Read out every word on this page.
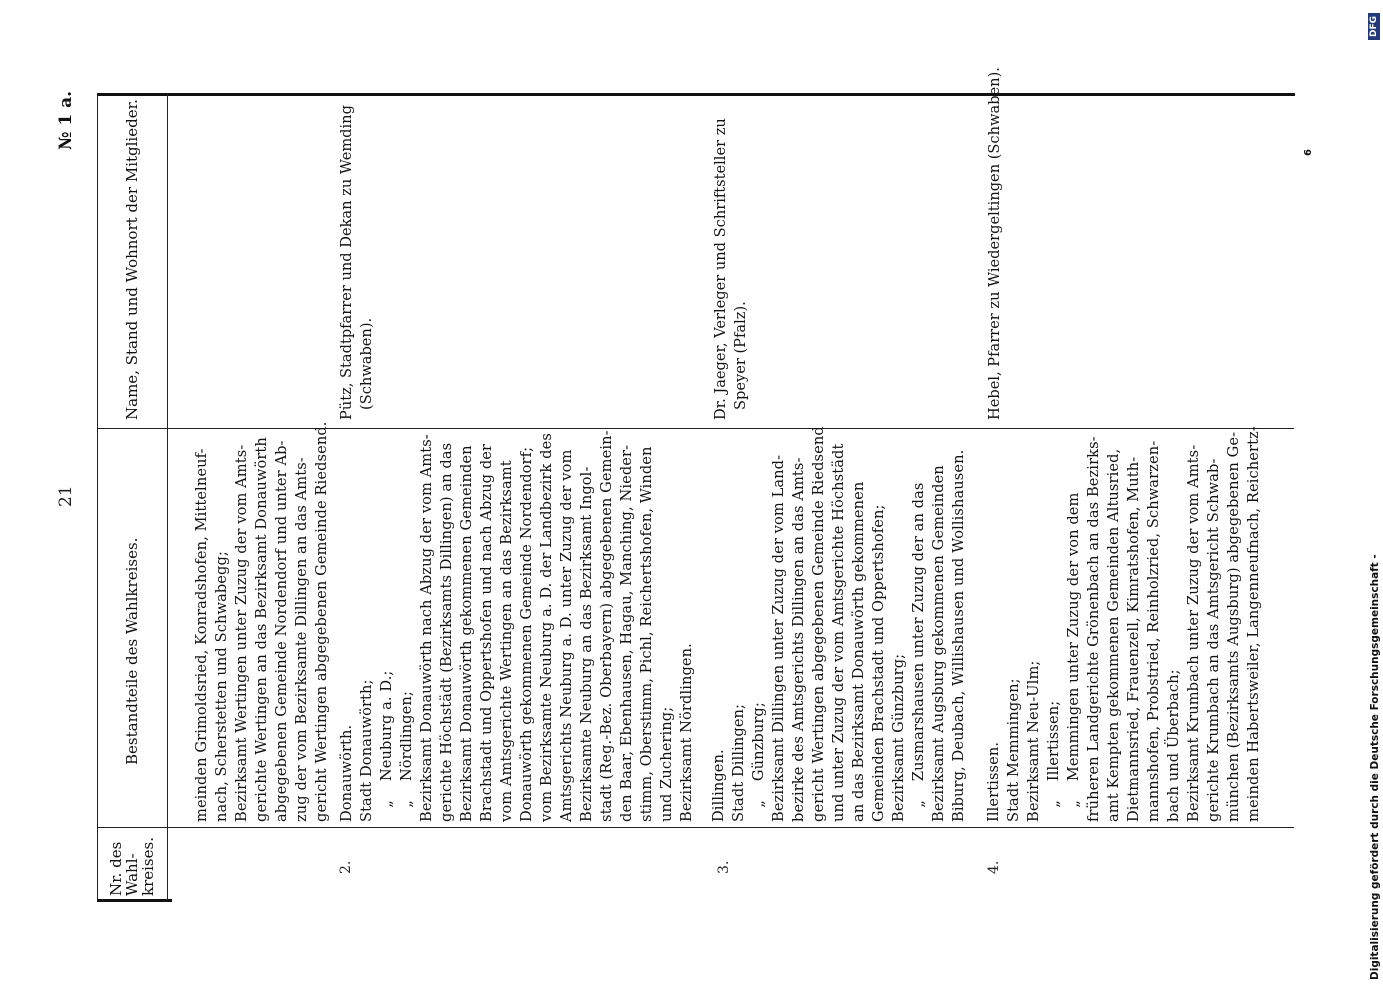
21
№ 1 a.
Digitalisierung gefördert durch die Deutsche Forschungsgemeinschaft -
DFG
6
Nr. des
Wahl-
kreises.
Bestandteile des Wahlkreises.
Name, Stand und Wohnort der Mitglieder.
meinden Grimoldsried, Konradshofen, Mittelneuf- nach, Scherstetten und Schwabegg; Bezirksamt Wertingen unter Zuzug der vom Amts- gerichte Wertingen an das Bezirksamt Donauwörth abgegebenen Gemeinde Nordendorf und unter Ab- zug der vom Bezirksamte Dillingen an das Amts- gericht Wertingen abgegebenen Gemeinde Riedsend.
2.
Donauwörth. Stadt Donauwörth; „    Neuburg a. D.; „    Nördlingen; Bezirksamt Donauwörth nach Abzug der vom Amts- gerichte Höchstädt (Bezirksamts Dillingen) an das Bezirksamt Donauwörth gekommenen Gemeinden Brachstadt und Oppertshofen und nach Abzug der vom Amtsgerichte Wertingen an das Bezirksamt Donauwörth gekommenen Gemeinde Nordendorf; vom Bezirksamte Neuburg a. D. der Landbezirk des Amtsgerichts Neuburg a. D. unter Zuzug der vom Bezirksamte Neuburg an das Bezirksamt Ingol- stadt (Reg.-Bez. Oberbayern) abgegebenen Gemein- den Baar, Ebenhausen, Hagau, Manching, Nieder- stimm, Oberstimm, Pichl, Reichertshofen, Winden und Zuchering; Bezirksamt Nördlingen.
Pütz, Stadtpfarrer und Dekan zu Wemding (Schwaben).
3.
Dillingen. Stadt Dillingen; „    Günzburg; Bezirksamt Dillingen unter Zuzug der vom Land- bezirke des Amtsgerichts Dillingen an das Amts- gericht Wertingen abgegebenen Gemeinde Riedsend und unter Zuzug der vom Amtsgerichte Höchstädt an das Bezirksamt Donauwörth gekommenen Gemeinden Brachstadt und Oppertshofen; Bezirksamt Günzburg; „    Zusmarshausen unter Zuzug der an das Bezirksamt Augsburg gekommenen Gemeinden Biburg, Deubach, Willishausen und Wollishausen.
Dr. Jaeger, Verleger und Schriftsteller zu Speyer (Pfalz).
4.
Illertissen. Stadt Memmingen; Bezirksamt Neu-Ulm; „    Illertissen; „    Memmingen unter Zuzug der von dem früheren Landgerichte Grönenbach an das Bezirks- amt Kempten gekommenen Gemeinden Altusried, Dietmannsried, Frauenzell, Kimratshofen, Muth- mannshofen, Probstried, Reinholzried, Schwarzen- bach und Überbach; Bezirksamt Krumbach unter Zuzug der vom Amts- gerichte Krumbach an das Amtsgericht Schwab- münchen (Bezirksamts Augsburg) abgegebenen Ge- meinden Habertsweiler, Langenneufnach, Reichertz-
Hebel, Pfarrer zu Wiedergeltingen (Schwaben).
